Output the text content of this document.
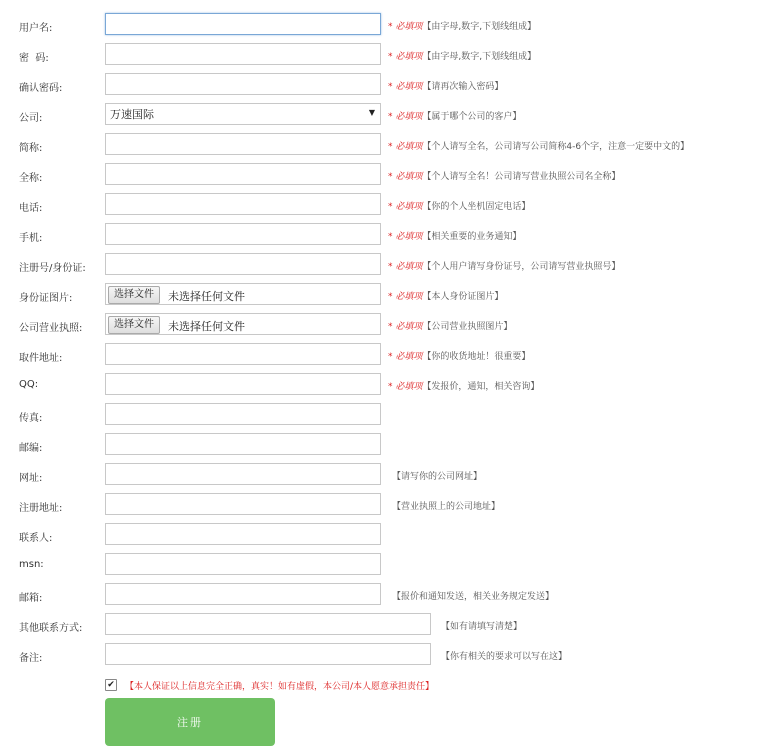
用户名:	* 必填项【由字母,数字,下划线组成】
密  码:	* 必填项【由字母,数字,下划线组成】
确认密码:	* 必填项【请再次输入密码】
公司:	万速国际	▼ * 必填项【属于哪个公司的客户】
简称:	* 必填项【个人请写全名，公司请写公司简称4-6个字，注意一定要中文的】
全称:	* 必填项【个人请写全名！公司请写营业执照公司名全称】
电话:	* 必填项【你的个人坐机固定电话】
手机:	* 必填项【相关重要的业务通知】
注册号/身份证:	* 必填项【个人用户请写身份证号，公司请写营业执照号】
身份证图片:	选择文件	未选择任何文件	* 必填项【本人身份证图片】
公司营业执照:	选择文件	未选择任何文件	* 必填项【公司营业执照图片】
取件地址:	* 必填项【你的收货地址！很重要】
QQ:	* 必填项【发报价，通知，相关咨询】
传真:
邮编:
网址:	【请写你的公司网址】
注册地址:	【营业执照上的公司地址】
联系人:
msn:
邮箱:	【报价和通知发送，相关业务规定发送】
其他联系方式:	【如有请填写清楚】
备注:	【你有相关的要求可以写在这】
✔ 【本人保证以上信息完全正确，真实！如有虚假，本公司/本人愿意承担责任】
注册
